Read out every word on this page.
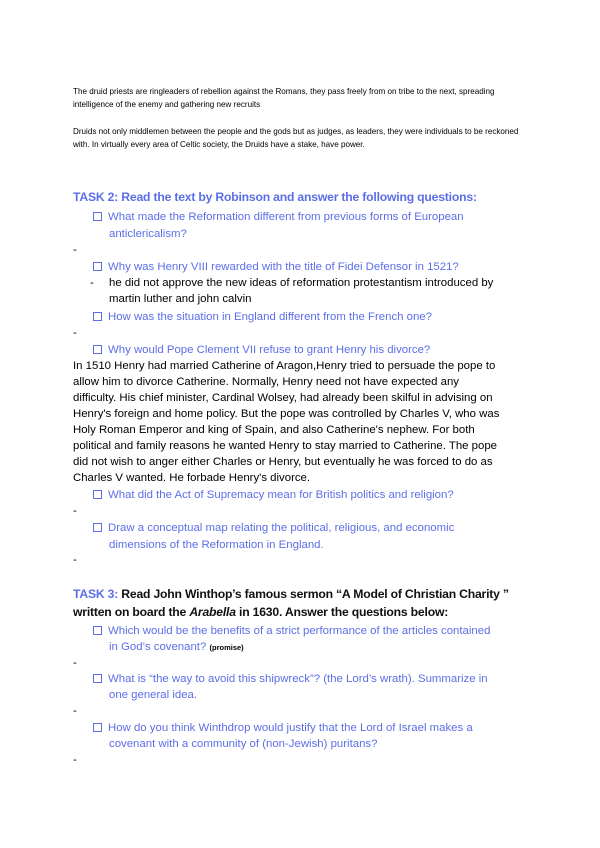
The druid priests are ringleaders of rebellion against the Romans, they pass freely from on tribe to the next, spreading intelligence of the enemy and gathering new recruits
Druids not only middlemen between the people and the gods but as judges, as leaders, they were individuals to be reckoned with. In virtually every area of Celtic society, the Druids have a stake, have power.
TASK 2: Read the text by Robinson and answer the following questions:
What made the Reformation different from previous forms of European
anticlericalism?
-
Why was Henry VIII rewarded with the title of Fidei Defensor in 1521?
- he did not approve the new ideas of reformation protestantism introduced by
martin luther and john calvin
How was the situation in England different from the French one?
-
Why would Pope Clement VII refuse to grant Henry his divorce?
In 1510 Henry had married Catherine of Aragon,Henry tried to persuade the pope to
allow him to divorce Catherine. Normally, Henry need not have expected any
difficulty. His chief minister, Cardinal Wolsey, had already been skilful in advising on
Henry's foreign and home policy. But the pope was controlled by Charles V, who was
Holy Roman Emperor and king of Spain, and also Catherine's nephew. For both
political and family reasons he wanted Henry to stay married to Catherine. The pope
did not wish to anger either Charles or Henry, but eventually he was forced to do as
Charles V wanted. He forbade Henry's divorce.
What did the Act of Supremacy mean for British politics and religion?
-
Draw a conceptual map relating the political, religious, and economic
dimensions of the Reformation in England.
-
TASK 3: Read John Winthop’s famous sermon “A Model of Christian Charity ”
written on board the Arabella in 1630. Answer the questions below:
Which would be the benefits of a strict performance of the articles contained
in God’s covenant? (promise)
-
What is “the way to avoid this shipwreck”? (the Lord’s wrath). Summarize in
one general idea.
-
How do you think Winthdrop would justify that the Lord of Israel makes a
covenant with a community of (non-Jewish) puritans?
-
